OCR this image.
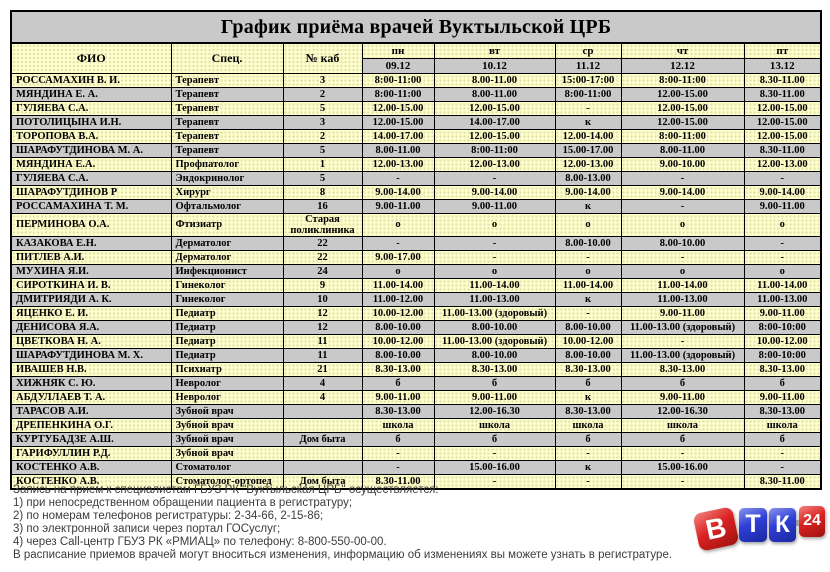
График приёма врачей Вуктыльской ЦРБ							
ФИО	Спец.	№ каб	пн	вт	ср	чт	пт
			09.12	10.12	11.12	12.12	13.12
РОССАМАХИН В. И.	Терапевт	3	8:00-11:00	8.00-11.00	15:00-17:00	8:00-11:00	8.30-11.00
МЯНДИНА Е. А.	Терапевт	2	8:00-11:00	8.00-11.00	8:00-11:00	12.00-15.00	8.30-11.00
ГУЛЯЕВА С.А.	Терапевт	5	12.00-15.00	12.00-15.00	-	12.00-15.00	12.00-15.00
ПОТОЛИЦЫНА И.Н.	Терапевт	3	12.00-15.00	14.00-17.00	к	12.00-15.00	12.00-15.00
ТОРОПОВА В.А.	Терапевт	2	14.00-17.00	12.00-15.00	12.00-14.00	8:00-11:00	12.00-15.00
ШАРАФУТДИНОВА М. А.	Терапевт	5	8.00-11.00	8:00-11:00	15.00-17.00	8.00-11.00	8.30-11.00
МЯНДИНА Е.А.	Профпатолог	1	12.00-13.00	12.00-13.00	12.00-13.00	9.00-10.00	12.00-13.00
ГУЛЯЕВА С.А.	Эндокринолог	5	-	-	8.00-13.00	-	-
ШАРАФУТДИНОВ Р	Хирург	8	9.00-14.00	9.00-14.00	9.00-14.00	9.00-14.00	9.00-14.00
РОССАМАХИНА Т. М.	Офтальмолог	16	9.00-11.00	9.00-11.00	к	-	9.00-11.00
ПЕРМИНОВА О.А.	Фтизиатр	Старая поликлиника	о	о	о	о	о
КАЗАКОВА Е.Н.	Дерматолог	22	-	-	8.00-10.00	8.00-10.00	-
ПИТЛЕВ А.И.	Дерматолог	22	9.00-17.00	-	-	-	-
МУХИНА Я.И.	Инфекционист	24	о	о	о	о	о
СИРОТКИНА И. В.	Гинеколог	9	11.00-14.00	11.00-14.00	11.00-14.00	11.00-14.00	11.00-14.00
ДМИТРИЯДИ А. К.	Гинеколог	10	11.00-12.00	11.00-13.00	к	11.00-13.00	11.00-13.00
ЯЦЕНКО Е. И.	Педиатр	12	10.00-12.00	11.00-13.00 (здоровый)	-	9.00-11.00	9.00-11.00
ДЕНИСОВА Я.А.	Педиатр	12	8.00-10.00	8.00-10.00	8.00-10.00	11.00-13.00 (здоровый)	8:00-10:00
ЦВЕТКОВА Н. А.	Педиатр	11	10.00-12.00	11.00-13.00 (здоровый)	10.00-12.00	-	10.00-12.00
ШАРАФУТДИНОВА М. Х.	Педиатр	11	8.00-10.00	8.00-10.00	8.00-10.00	11.00-13.00 (здоровый)	8:00-10:00
ИВАШЕВ Н.В.	Психиатр	21	8.30-13.00	8.30-13.00	8.30-13.00	8.30-13.00	8.30-13.00
ХИЖНЯК С. Ю.	Невролог	4	б	б	б	б	б
АБДУЛЛАЕВ Т. А.	Невролог	4	9.00-11.00	9.00-11.00	к	9.00-11.00	9.00-11.00
ТАРАСОВ А.И.	Зубной врач		8.30-13.00	12.00-16.30	8.30-13.00	12.00-16.30	8.30-13.00
ДРЕПЕНКИНА О.Г.	Зубной врач		школа	школа	школа	школа	школа
КУРТУБАДЗЕ А.Ш.	Зубной врач	Дом быта	б	б	б	б	б
ГАРИФУЛЛИН Р.Д.	Зубной врач		-	-	-	-	-
КОСТЕНКО А.В.	Стоматолог		-	15.00-16.00	к	15.00-16.00	-
КОСТЕНКО А.В.	Стоматолог-ортопед	Дом быта	8.30-11.00	-	-	-	8.30-11.00
Запись на прием к специалистам ГБУЗ РК "Вуктыльская ЦРБ" осуществляется:
1) при непосредственном обращении пациента в регистратуру;
2) по номерам телефонов регистратуры: 2-34-66, 2-15-86;
3) по электронной записи через портал ГОСуслуг;
4) через Call-центр ГБУЗ РК «РМИАЦ» по телефону: 8-800-550-00-00.
В расписание приемов врачей могут вноситься изменения, информацию об изменениях вы можете узнать в регистратуре.
В Т К 24
